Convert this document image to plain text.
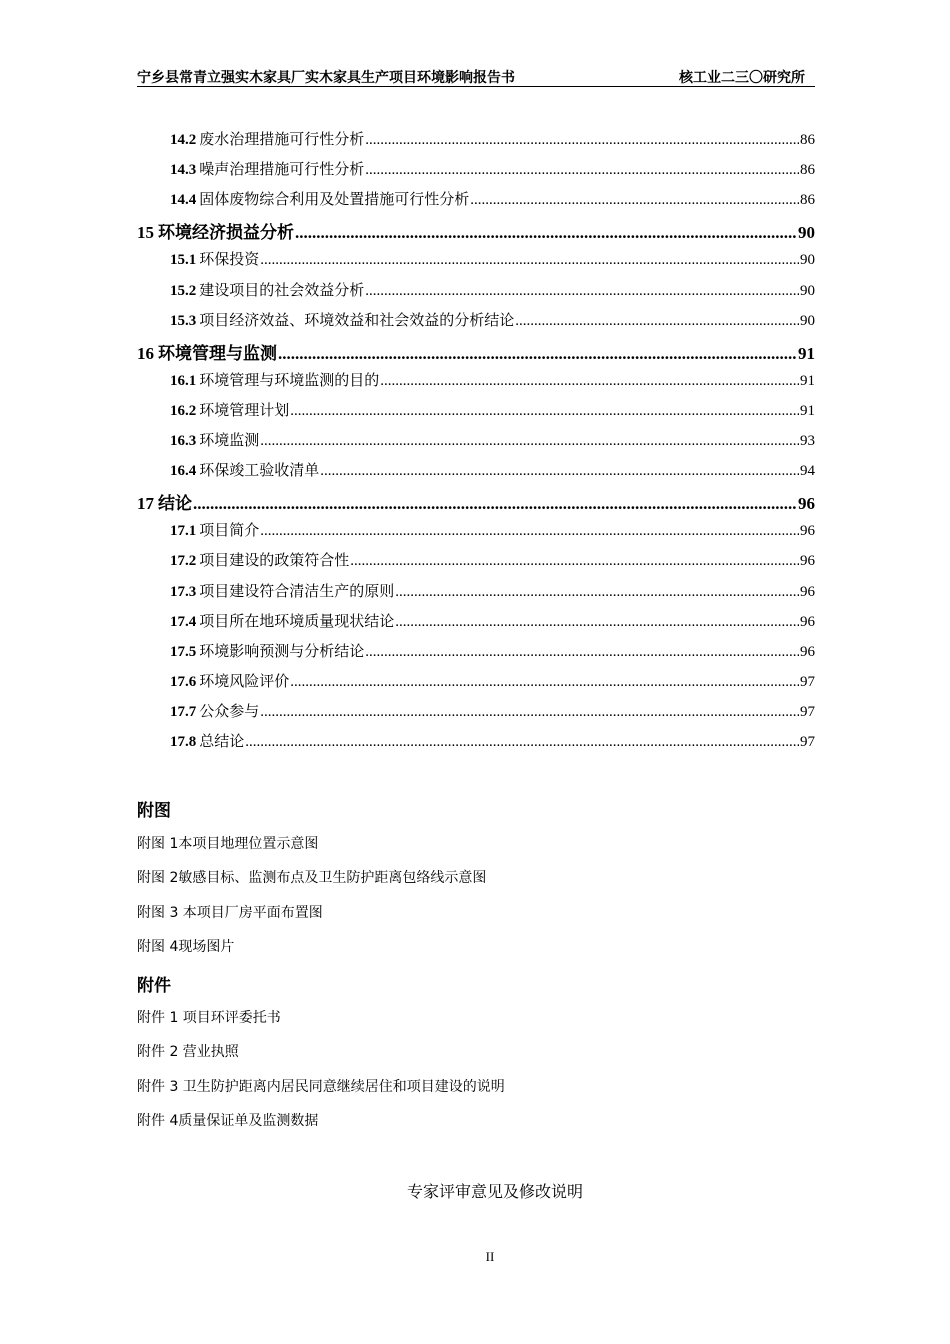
宁乡县常青立强实木家具厂实木家具生产项目环境影响报告书	核工业二三〇研究所
14.2 废水治理措施可行性分析 .....	86
14.3 噪声治理措施可行性分析 .....	86
14.4 固体废物综合利用及处置措施可行性分析 .....	86
15 环境经济损益分析 .....	90
15.1 环保投资 .....	90
15.2 建设项目的社会效益分析 .....	90
15.3 项目经济效益、环境效益和社会效益的分析结论 .....	90
16 环境管理与监测 .....	91
16.1 环境管理与环境监测的目的 .....	91
16.2 环境管理计划 .....	91
16.3 环境监测 .....	93
16.4 环保竣工验收清单 .....	94
17 结论 .....	96
17.1 项目简介 .....	96
17.2 项目建设的政策符合性 .....	96
17.3 项目建设符合清洁生产的原则 .....	96
17.4 项目所在地环境质量现状结论 .....	96
17.5 环境影响预测与分析结论 .....	96
17.6 环境风险评价 .....	97
17.7 公众参与 .....	97
17.8 总结论 .....	97
附图
附图 1本项目地理位置示意图
附图 2敏感目标、监测布点及卫生防护距离包络线示意图
附图 3 本项目厂房平面布置图
附图 4现场图片
附件
附件 1 项目环评委托书
附件 2 营业执照
附件 3 卫生防护距离内居民同意继续居住和项目建设的说明
附件 4质量保证单及监测数据
专家评审意见及修改说明
II
